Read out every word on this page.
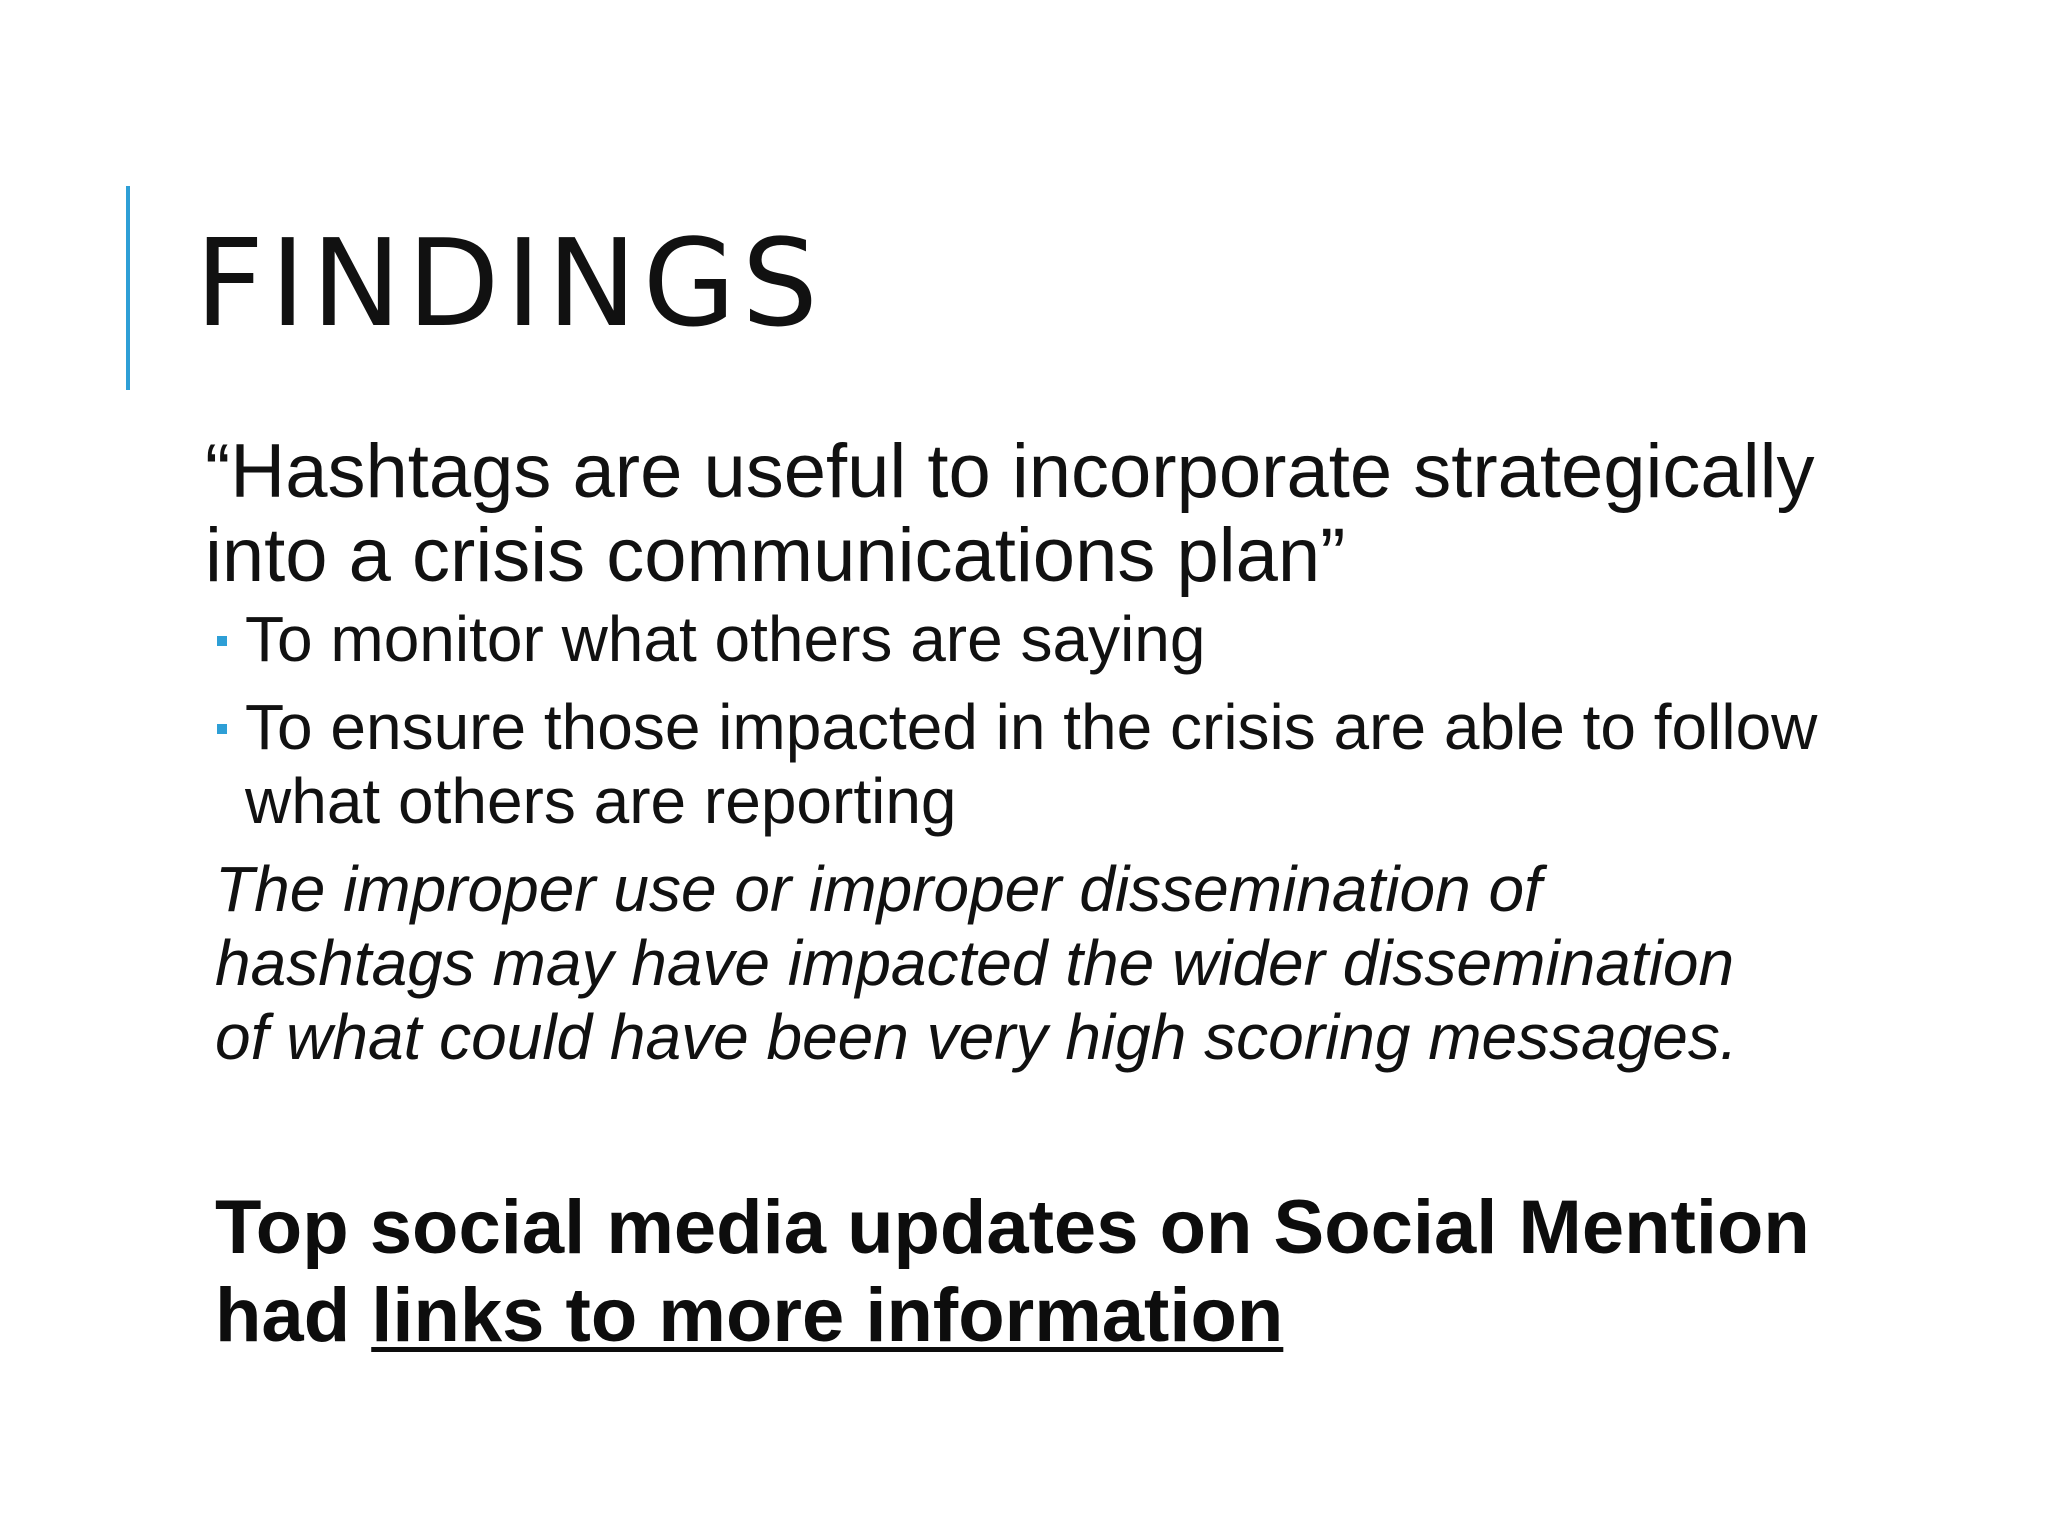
FINDINGS

“Hashtags are useful to incorporate strategically into a crisis communications plan”

To monitor what others are saying
To ensure those impacted in the crisis are able to follow what others are reporting

The improper use or improper dissemination of hashtags may have impacted the wider dissemination of what could have been very high scoring messages.

Top social media updates on Social Mention had links to more information
